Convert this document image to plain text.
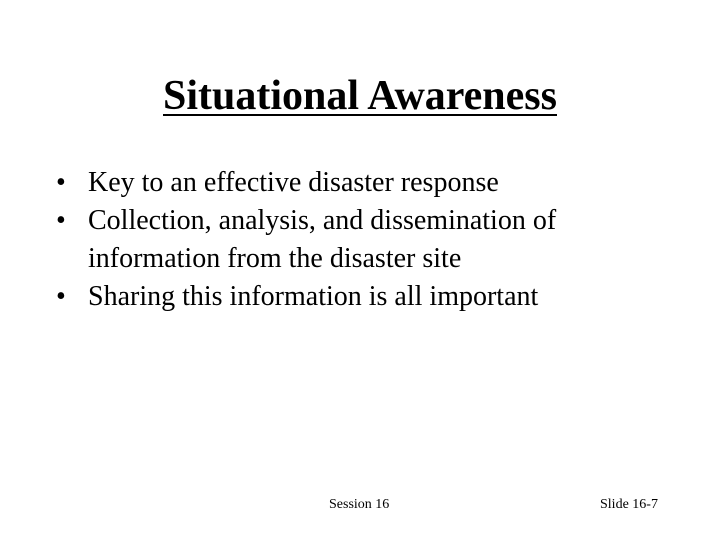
Situational Awareness
• Key to an effective disaster response
• Collection, analysis, and dissemination of information from the disaster site
• Sharing this information is all important
Session 16	Slide 16-7
